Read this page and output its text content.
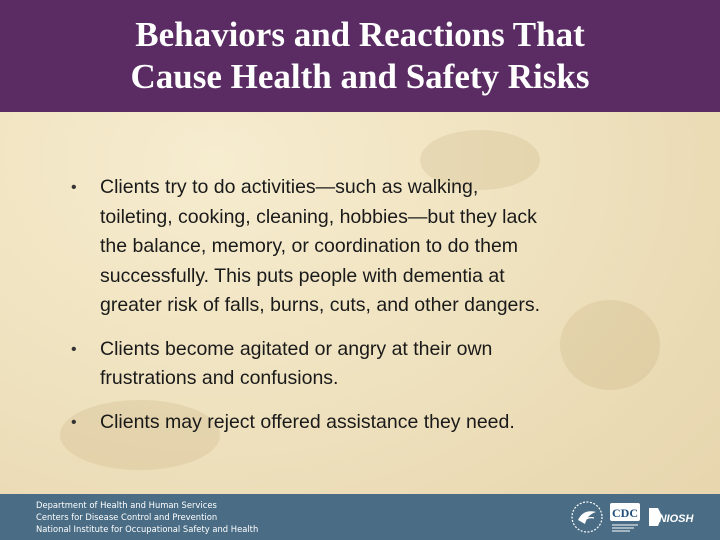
Behaviors and Reactions That
Cause Health and Safety Risks
• Clients try to do activities—such as walking,
toileting, cooking, cleaning, hobbies—but they lack
the balance, memory, or coordination to do them
successfully. This puts people with dementia at
greater risk of falls, burns, cuts, and other dangers.
• Clients become agitated or angry at their own
frustrations and confusions.
• Clients may reject offered assistance they need.
Department of Health and Human Services
Centers for Disease Control and Prevention
National Institute for Occupational Safety and Health
CDC NIOSH
